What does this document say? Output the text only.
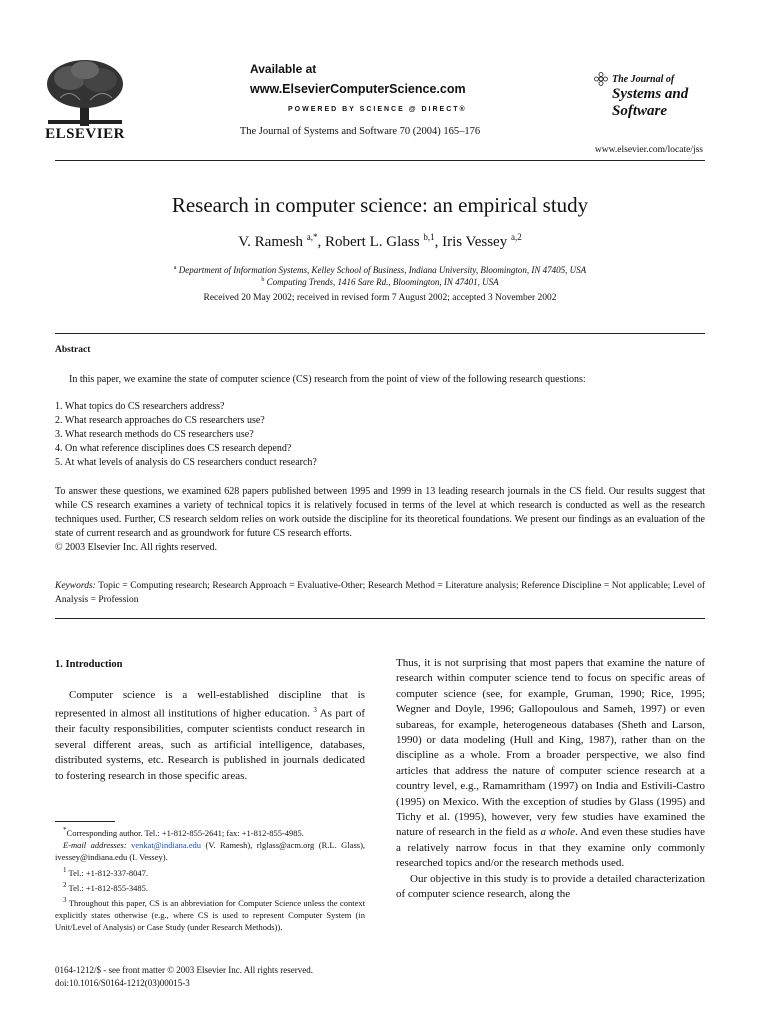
ELSEVIER
Available at
www.ElsevierComputerScience.com
POWERED BY SCIENCE @ DIRECT®
The Journal of Systems and Software 70 (2004) 165–176
The Journal of
Systems and
Software
www.elsevier.com/locate/jss
Research in computer science: an empirical study
V. Ramesh $^{a,*}$, Robert L. Glass $^{b,1}$, Iris Vessey $^{a,2}$
$^a$ Department of Information Systems, Kelley School of Business, Indiana University, Bloomington, IN 47405, USA
$^b$ Computing Trends, 1416 Sare Rd., Bloomington, IN 47401, USA
Received 20 May 2002; received in revised form 7 August 2002; accepted 3 November 2002
Abstract
In this paper, we examine the state of computer science (CS) research from the point of view of the following research questions:
1. What topics do CS researchers address?
2. What research approaches do CS researchers use?
3. What research methods do CS researchers use?
4. On what reference disciplines does CS research depend?
5. At what levels of analysis do CS researchers conduct research?
To answer these questions, we examined 628 papers published between 1995 and 1999 in 13 leading research journals in the CS field. Our results suggest that while CS research examines a variety of technical topics it is relatively focused in terms of the level at which research is conducted as well as the research techniques used. Further, CS research seldom relies on work outside the discipline for its theoretical foundations. We present our findings as an evaluation of the state of current research and as groundwork for future CS research efforts.
© 2003 Elsevier Inc. All rights reserved.
Keywords: Topic = Computing research; Research Approach = Evaluative-Other; Research Method = Literature analysis; Reference Discipline = Not applicable; Level of Analysis = Profession
1. Introduction
Computer science is a well-established discipline that is represented in almost all institutions of higher education. $^3$ As part of their faculty responsibilities, computer scientists conduct research in several different areas, such as artificial intelligence, databases, distributed systems, etc. Research is published in journals dedicated to fostering research in those specific areas.

*Corresponding author. Tel.: +1-812-855-2641; fax: +1-812-855-4985.

E-mail addresses: venkat@indiana.edu (V. Ramesh), rlglass@acm.org (R.L. Glass), ivessey@indiana.edu (I. Vessey).

$^1$ Tel.: +1-812-337-8047.

$^2$ Tel.: +1-812-855-3485.

$^3$ Throughout this paper, CS is an abbreviation for Computer Science unless the context explicitly states otherwise (e.g., where CS is used to represent Computer System (in Unit/Level of Analysis) or Case Study (under Research Methods)).

0164-1212/$ - see front matter © 2003 Elsevier Inc. All rights reserved.
doi:10.1016/S0164-1212(03)00015-3
Thus, it is not surprising that most papers that examine the nature of research within computer science tend to focus on specific areas of computer science (see, for example, Gruman, 1990; Rice, 1995; Wegner and Doyle, 1996; Gallopoulous and Sameh, 1997) or even subareas, for example, heterogeneous databases (Sheth and Larson, 1990) or data modeling (Hull and King, 1987), rather than on the discipline as a whole. From a broader perspective, we also find articles that address the nature of computer science research at a country level, e.g., Ramamritham (1997) on India and Estivili-Castro (1995) on Mexico. With the exception of studies by Glass (1995) and Tichy et al. (1995), however, very few studies have examined the nature of research in the field as a whole. And even these studies have a relatively narrow focus in that they examine only commonly researched topics and/or the research methods used.
Our objective in this study is to provide a detailed characterization of computer science research, along the
